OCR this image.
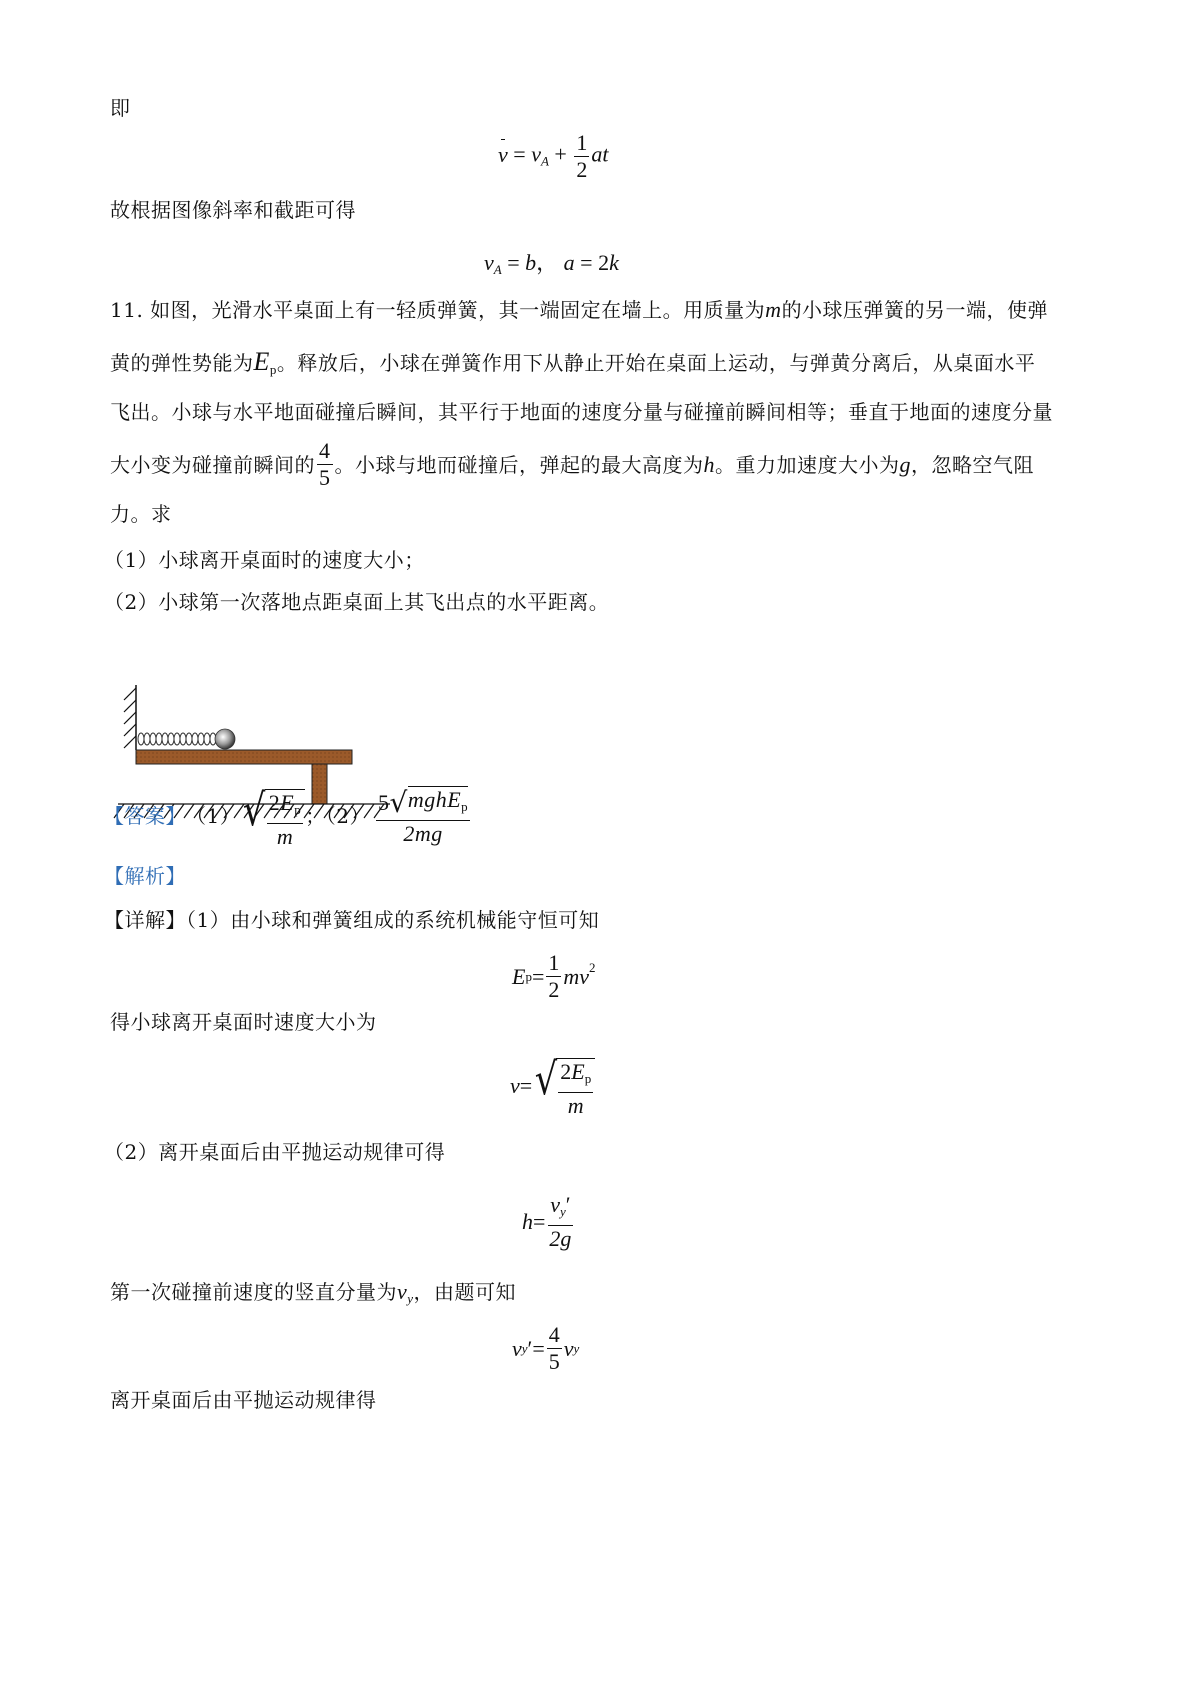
即
$v = v_A + \frac{1}{2}$ at
故根据图像斜率和截距可得
$v_A = b$， a = 2k
11. 如图，光滑水平桌面上有一轻质弹簧，其一端固定在墙上。用质量为m的小球压弹簧的另一端，使弹
黄的弹性势能为$E_p$。释放后，小球在弹簧作用下从静止开始在桌面上运动，与弹黄分离后，从桌面水平
飞出。小球与水平地面碰撞后瞬间，其平行于地面的速度分量与碰撞前瞬间相等；垂直于地面的速度分量
大小变为碰撞前瞬间的 $\frac{4}{5}$ 。小球与地而碰撞后，弹起的最大高度为 h 。重力加速度大小为 g ，忽略空气阻
力。求
（1）小球离开桌面时的速度大小；
（2）小球第一次落地点距桌面上其飞出点的水平距离。
【答案】 （1） √ $\frac{2E_p}{m}$ ；$(2) \frac{5 √ mghE_p}{2mg}$
【解析】
【详解】（1）由小球和弹簧组成的系统机械能守恒可知
E $p = \frac{1}{2} mv^2$
得小球离开桌面时速度大小为
v = √ $\frac{2E_p}{m}$
（2）离开桌面后由平抛运动规律可得
$h = \frac{v_y'}{2g}$
第一次碰撞前速度的竖直分量为$v_y$，由题可知
v y ′ = $\frac{4}{5}$ v y
离开桌面后由平抛运动规律得
